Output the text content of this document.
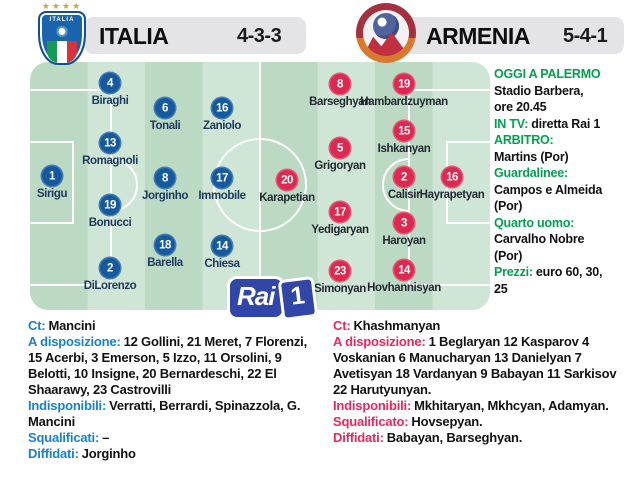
★★★★
ITALIA
ITALIA	4-3-3	ARMENIA 5-4-1
1
Sirigu
4
Biraghi
13
Romagnoli
19
Bonucci
2
DiLorenzo
6
Tonali
8
Jorginho
18
Barella
16
Zaniolo
17
Immobile
14
Chiesa
20
Karapetian
8
Barseghyan
5
Grigoryan
17
Yedigaryan
23
Simonyan
19
Hambardzuyman
15
Ishkanyan
2
Calisir
3
Haroyan
14
Hovhannisyan
16
Hayrapetyan
Rai 1
OGGI A PALERMO
Stadio Barbera,
ore 20.45
IN TV: diretta Rai 1
ARBITRO:
Martins (Por)
Guardalinee:
Campos e Almeida
(Por)
Quarto uomo:
Carvalho Nobre
(Por)
Prezzi: euro 60, 30,
25

Ct: Mancini

A disposizione: 12 Gollini, 21 Meret, 7 Florenzi, 15 Acerbi, 3 Emerson, 5 Izzo, 11 Orsolini, 9 Belotti, 10 Insigne, 20 Bernardeschi, 22 El Shaarawy, 23 Castrovilli

Indisponibili: Verratti, Berrardi, Spinazzola, G. Mancini

Squalificati: –

Diffidati: Jorginho

Ct: Khashmanyan

A disposizione: 1 Beglaryan 12 Kasparov 4 Voskanian 6 Manucharyan 13 Danielyan 7 Avetisyan 18 Vardanyan 9 Babayan 11 Sarkisov 22 Harutyunyan.

Indisponibili: Mkhitaryan, Mkhcyan, Adamyan.

Squalificato: Hovsepyan.

Diffidati: Babayan, Barseghyan.
